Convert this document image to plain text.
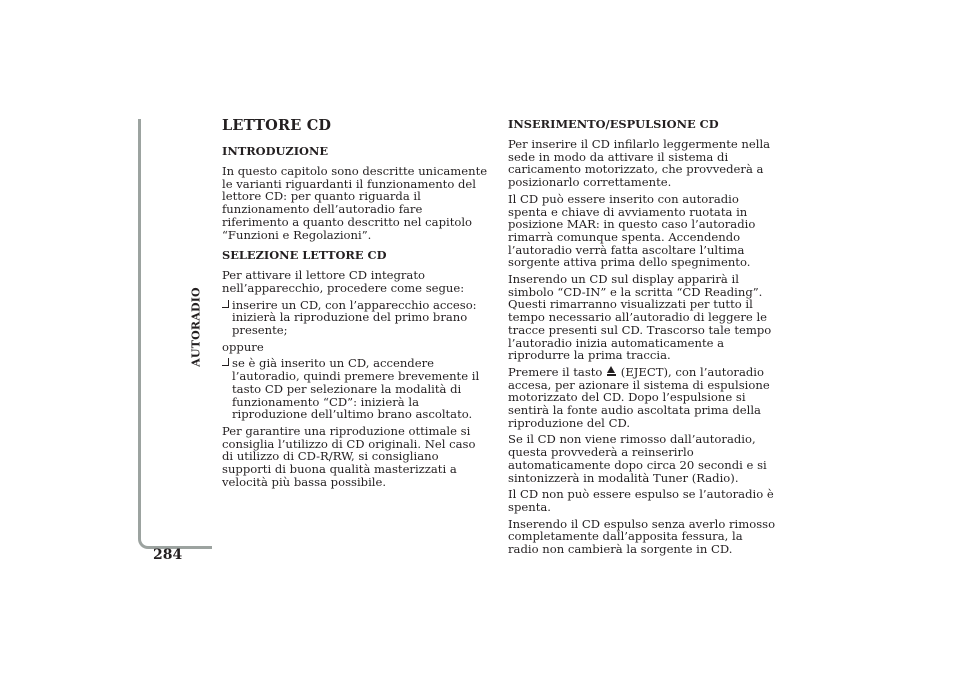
AUTORADIO
284
LETTORE CD
INTRODUZIONE

In questo capitolo sono descritte unicamente le varianti riguardanti il funzionamento del lettore CD: per quanto riguarda il funzionamento dell’autoradio fare riferimento a quanto descritto nel capitolo “Funzioni e Regolazioni”.

SELEZIONE LETTORE CD

Per attivare il lettore CD integrato nell’apparecchio, procedere come segue:

inserire un CD, con l’apparecchio acceso: inizierà la riproduzione del primo brano presente;

oppure

se è già inserito un CD, accendere l’autoradio, quindi premere brevemente il tasto CD per selezionare la modalità di funzionamento “CD”: inizierà la riproduzione dell’ultimo brano ascoltato.

Per garantire una riproduzione ottimale si consiglia l’utilizzo di CD originali. Nel caso di utilizzo di CD-R/RW, si consigliano supporti di buona qualità masterizzati a velocità più bassa possibile.

INSERIMENTO/ESPULSIONE CD

Per inserire il CD infilarlo leggermente nella sede in modo da attivare il sistema di caricamento motorizzato, che provvederà a posizionarlo correttamente.

Il CD può essere inserito con autoradio spenta e chiave di avviamento ruotata in posizione MAR: in questo caso l’autoradio rimarrà comunque spenta. Accendendo l’autoradio verrà fatta ascoltare l’ultima sorgente attiva prima dello spegnimento.

Inserendo un CD sul display apparirà il simbolo “CD-IN” e la scritta “CD Reading”. Questi rimarranno visualizzati per tutto il tempo necessario all’autoradio di leggere le tracce presenti sul CD. Trascorso tale tempo l’autoradio inizia automaticamente a riprodurre la prima traccia.

Premere il tasto (EJECT), con l’autoradio accesa, per azionare il sistema di espulsione motorizzato del CD. Dopo l’espulsione si sentirà la fonte audio ascoltata prima della riproduzione del CD.

Se il CD non viene rimosso dall’autoradio, questa provvederà a reinserirlo automaticamente dopo circa 20 secondi e si sintonizzerà in modalità Tuner (Radio).

Il CD non può essere espulso se l’autoradio è spenta.

Inserendo il CD espulso senza averlo rimosso completamente dall’apposita fessura, la radio non cambierà la sorgente in CD.
